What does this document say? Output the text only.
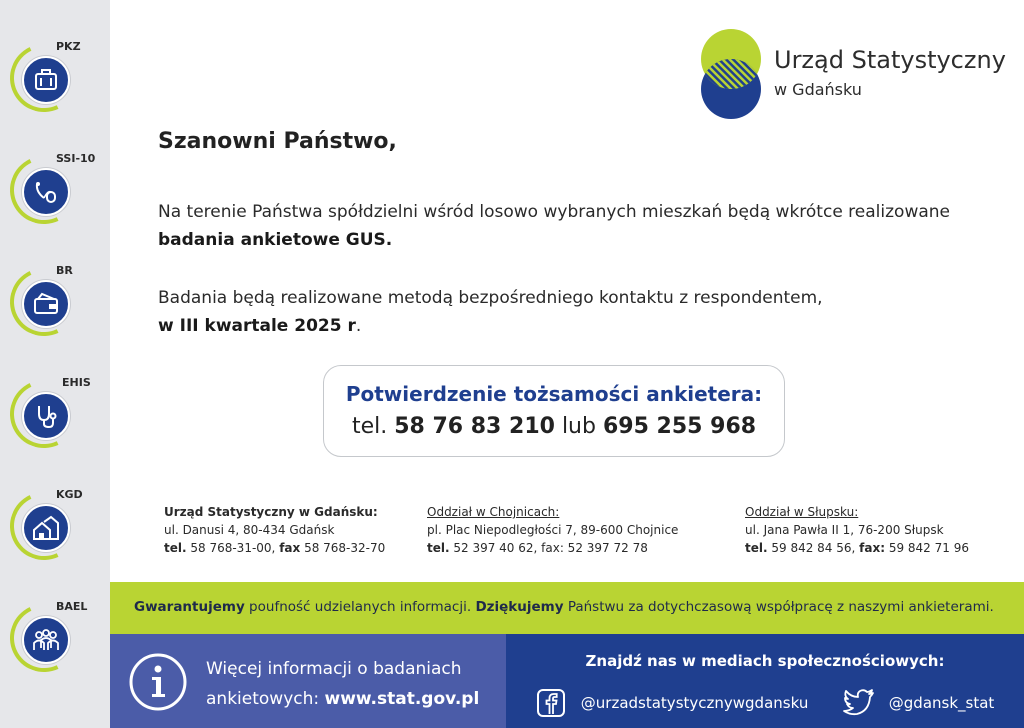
PKZ
SSI-10
BR
EHIS
KGD
BAEL
Urząd Statystyczny
w Gdańsku
Szanowni Państwo,
Na terenie Państwa spółdzielni wśród losowo wybranych mieszkań będą wkrótce realizowane badania ankietowe GUS.
Badania będą realizowane metodą bezpośredniego kontaktu z respondentem,
w III kwartale 2025 r.
Potwierdzenie tożsamości ankietera:
tel. 58 76 83 210 lub 695 255 968
Urząd Statystyczny w Gdańsku:
ul. Danusi 4, 80-434 Gdańsk
tel. 58 768-31-00, fax 58 768-32-70
Oddział w Chojnicach:
pl. Plac Niepodległości 7, 89-600 Chojnice
tel. 52 397 40 62, fax: 52 397 72 78
Oddział w Słupsku:
ul. Jana Pawła II 1, 76-200 Słupsk
tel. 59 842 84 56, fax: 59 842 71 96

Gwarantujemy poufność udzielanych informacji. Dziękujemy Państwu za dotychczasową współpracę z naszymi ankieterami.

Więcej informacji o badaniach
ankietowych: www.stat.gov.pl
Znajdź nas w mediach społecznościowych:
@urzadstatystycznywgdansku	@gdansk_stat
